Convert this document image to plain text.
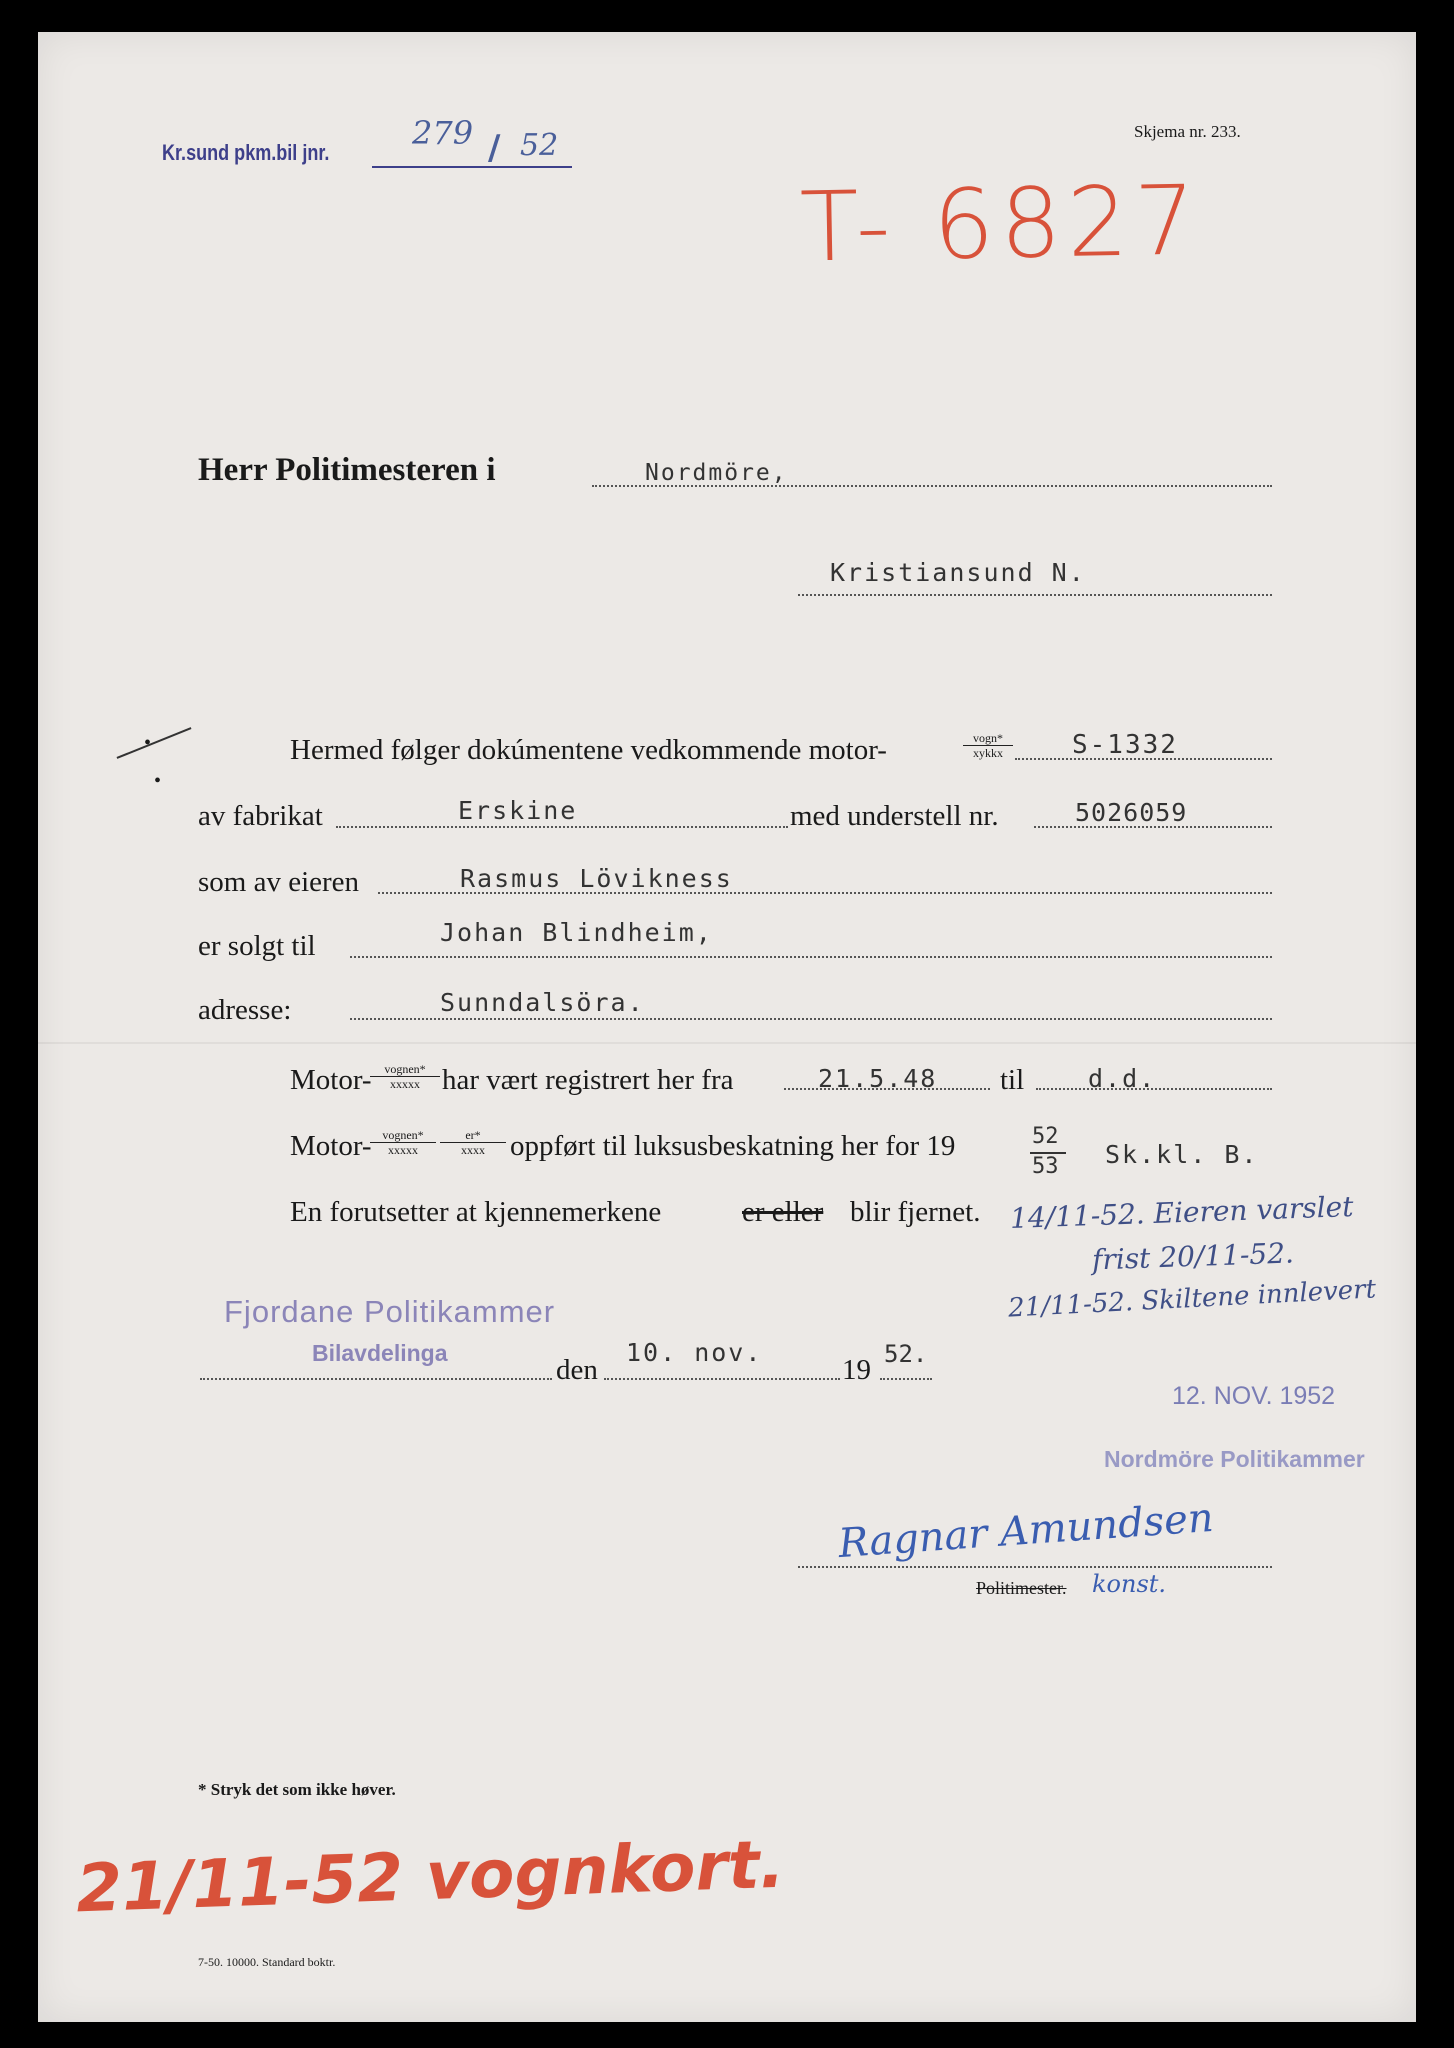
Kr.sund pkm.bil jnr.
279 / 52	Skjema nr. 233.
T- 6827
Herr Politimesteren i	Nordmöre,
Kristiansund N.
•
•
Hermed følger dokúmentene vedkommende motor-	vogn*
xykkx	S-1332
av fabrikat	Erskine	med understell nr.	5026059
som av eieren	Rasmus Lövikness
er solgt til	Johan Blindheim,
adresse:	Sunndalsöra.
Motor-	vognen*
xxxxx har vært registrert her fra	21.5.48 til	d.d.
Motor- vognen*
xxxxx
er*
xxxx oppført til luksusbeskatning her for 19	52
53 Sk.kl. B.
En forutsetter at kjennemerkene	er eller blir fjernet. 14/11-52. Eieren varslet
frist 20/11-52.
21/11-52. Skiltene innlevert
Fjordane Politikammer
Bilavdelinga
den
10. nov.
19 52.
12. NOV. 1952
Nordmöre Politikammer
Ragnar Amundsen
Politimester. konst.
* Stryk det som ikke høver.
21/11-52 vognkort.
7-50. 10000. Standard boktr.
